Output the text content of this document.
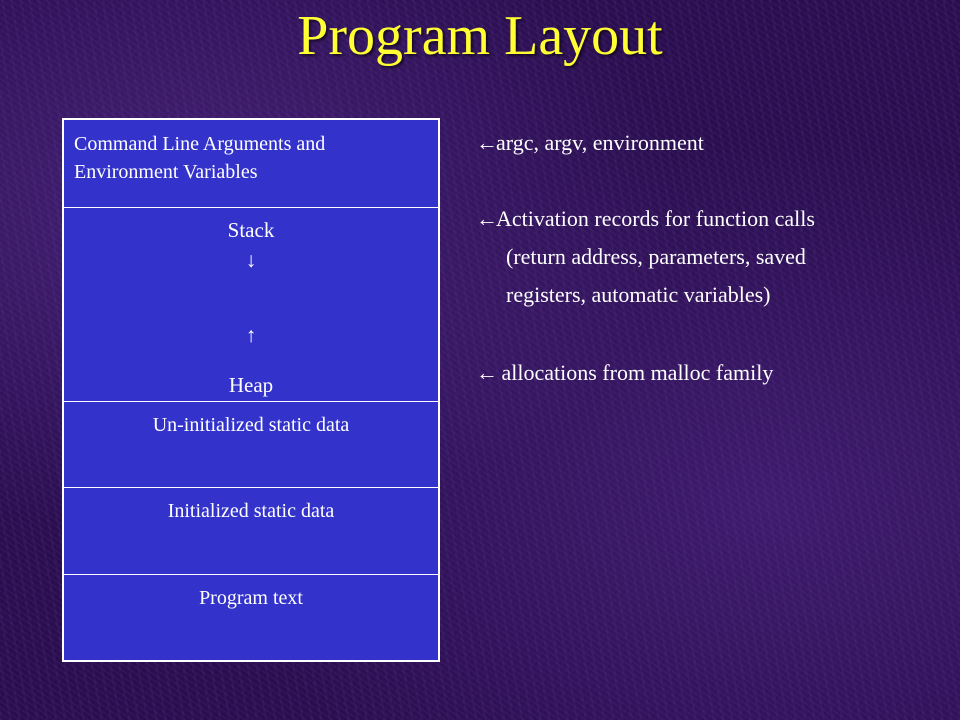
Program Layout
Command Line Arguments and Environment Variables
Stack
↓
↑
Heap
Un-initialized static data
Initialized static data
Program text
←argc, argv, environment
←Activation records for function calls
(return address, parameters, saved
registers, automatic variables)
← allocations from malloc family
